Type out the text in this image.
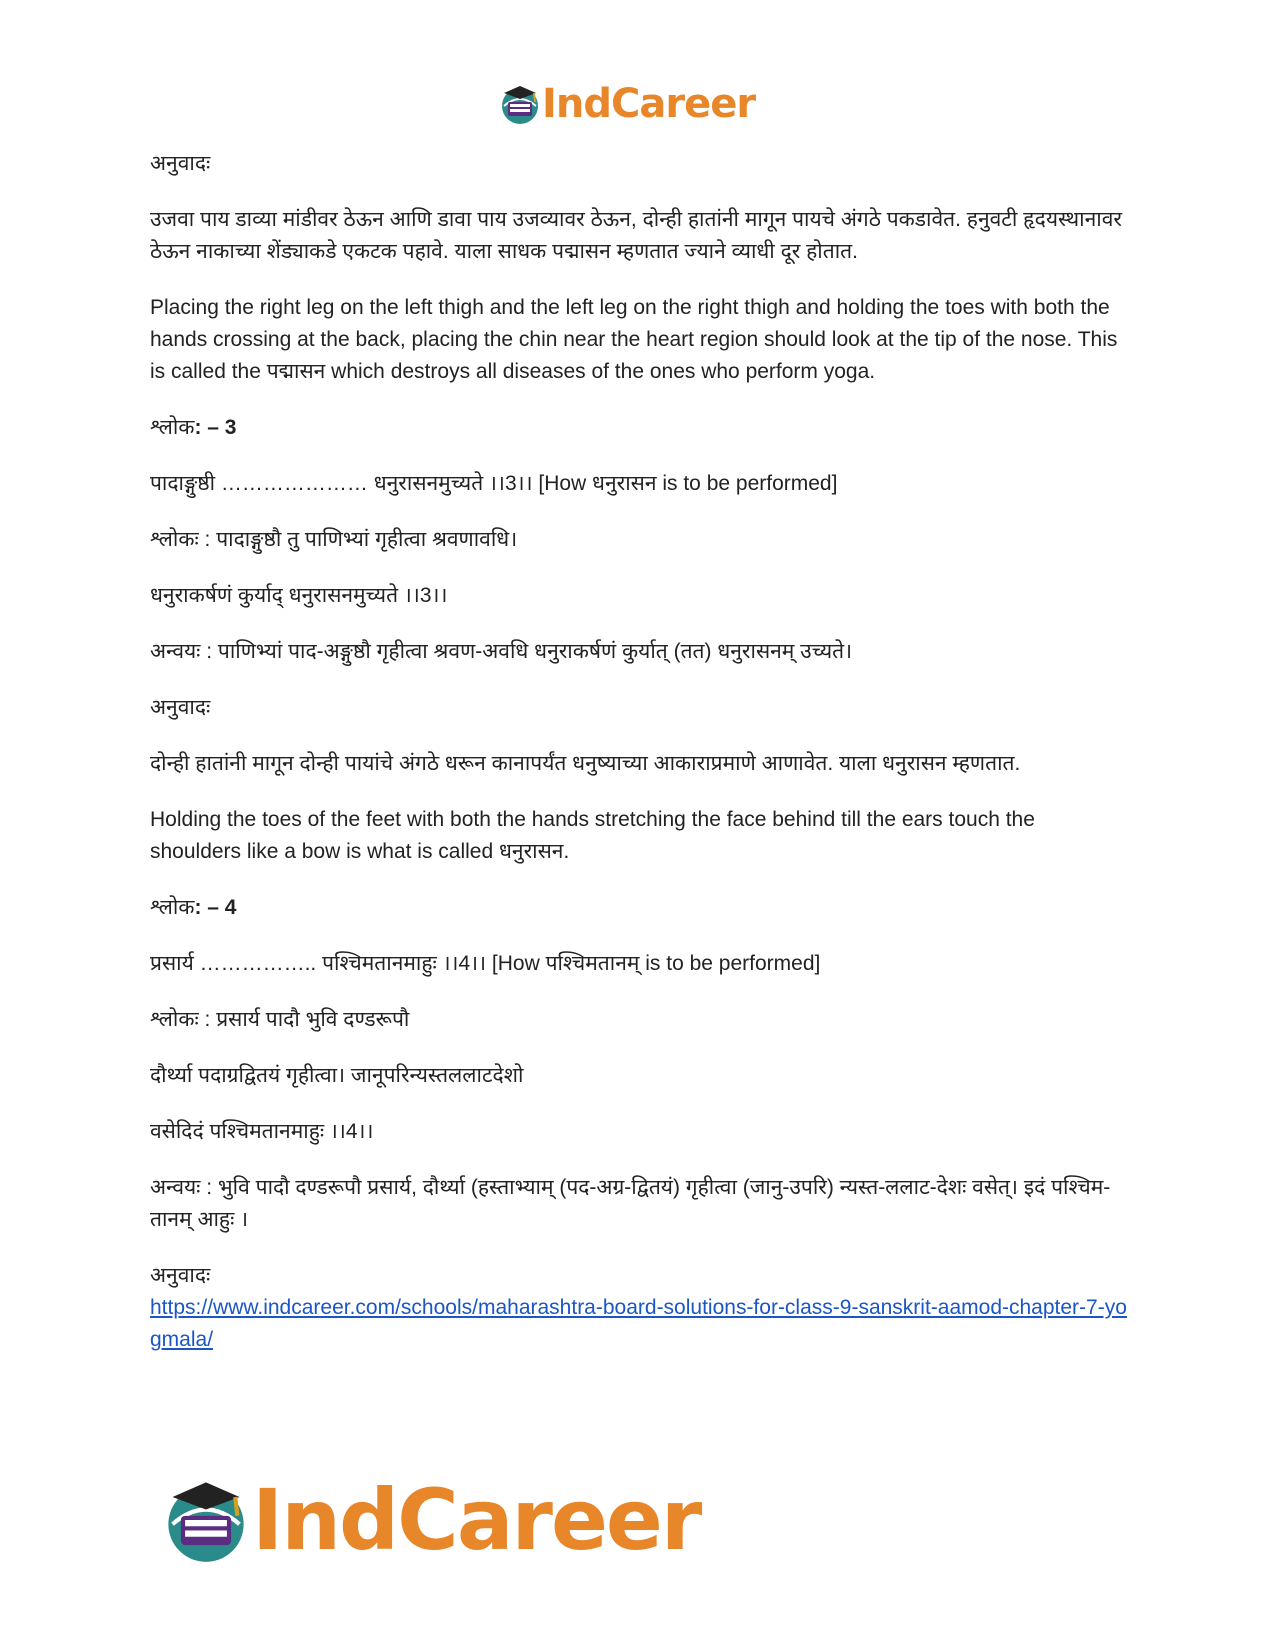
IndCareer

अनुवादः

उजवा पाय डाव्या मांडीवर ठेऊन आणि डावा पाय उजव्यावर ठेऊन, दोन्ही हातांनी मागून पायचे अंगठे पकडावेत. हनुवटी हृदयस्थानावर ठेऊन नाकाच्या शेंड्याकडे एकटक पहावे. याला साधक पद्मासन म्हणतात ज्याने व्याधी दूर होतात.

Placing the right leg on the left thigh and the left leg on the right thigh and holding the toes with both the hands crossing at the back, placing the chin near the heart region should look at the tip of the nose. This is called the पद्मासन which destroys all diseases of the ones who perform yoga.

श्लोक: – 3

पादाङ्गुष्ठी ………………… धनुरासनमुच्यते ।।3।। [How धनुरासन is to be performed]

श्लोकः : पादाङ्गुष्ठौ तु पाणिभ्यां गृहीत्वा श्रवणावधि।

धनुराकर्षणं कुर्याद् धनुरासनमुच्यते ।।3।।

अन्वयः : पाणिभ्यां पाद-अङ्गुष्ठौ गृहीत्वा श्रवण-अवधि धनुराकर्षणं कुर्यात् (तत) धनुरासनम् उच्यते।

अनुवादः

दोन्ही हातांनी मागून दोन्ही पायांचे अंगठे धरून कानापर्यंत धनुष्याच्या आकाराप्रमाणे आणावेत. याला धनुरासन म्हणतात.

Holding the toes of the feet with both the hands stretching the face behind till the ears touch the shoulders like a bow is what is called धनुरासन.

श्लोक: – 4

प्रसार्य …………….. पश्चिमतानमाहुः ।।4।। [How पश्चिमतानम् is to be performed]

श्लोकः : प्रसार्य पादौ भुवि दण्डरूपौ

दौर्थ्या पदाग्रद्वितयं गृहीत्वा। जानूपरिन्यस्तललाटदेशो

वसेदिदं पश्चिमतानमाहुः ।।4।।

अन्वयः : भुवि पादौ दण्डरूपौ प्रसार्य, दौर्थ्या (हस्ताभ्याम् (पद-अग्र-द्वितयं) गृहीत्वा (जानु-उपरि) न्यस्त-ललाट-देशः वसेत्। इदं पश्चिम-तानम् आहुः ।

अनुवादः

https://www.indcareer.com/schools/maharashtra-board-solutions-for-class-9-sanskrit-aamod-chapter-7-yogmala/

IndCareer
